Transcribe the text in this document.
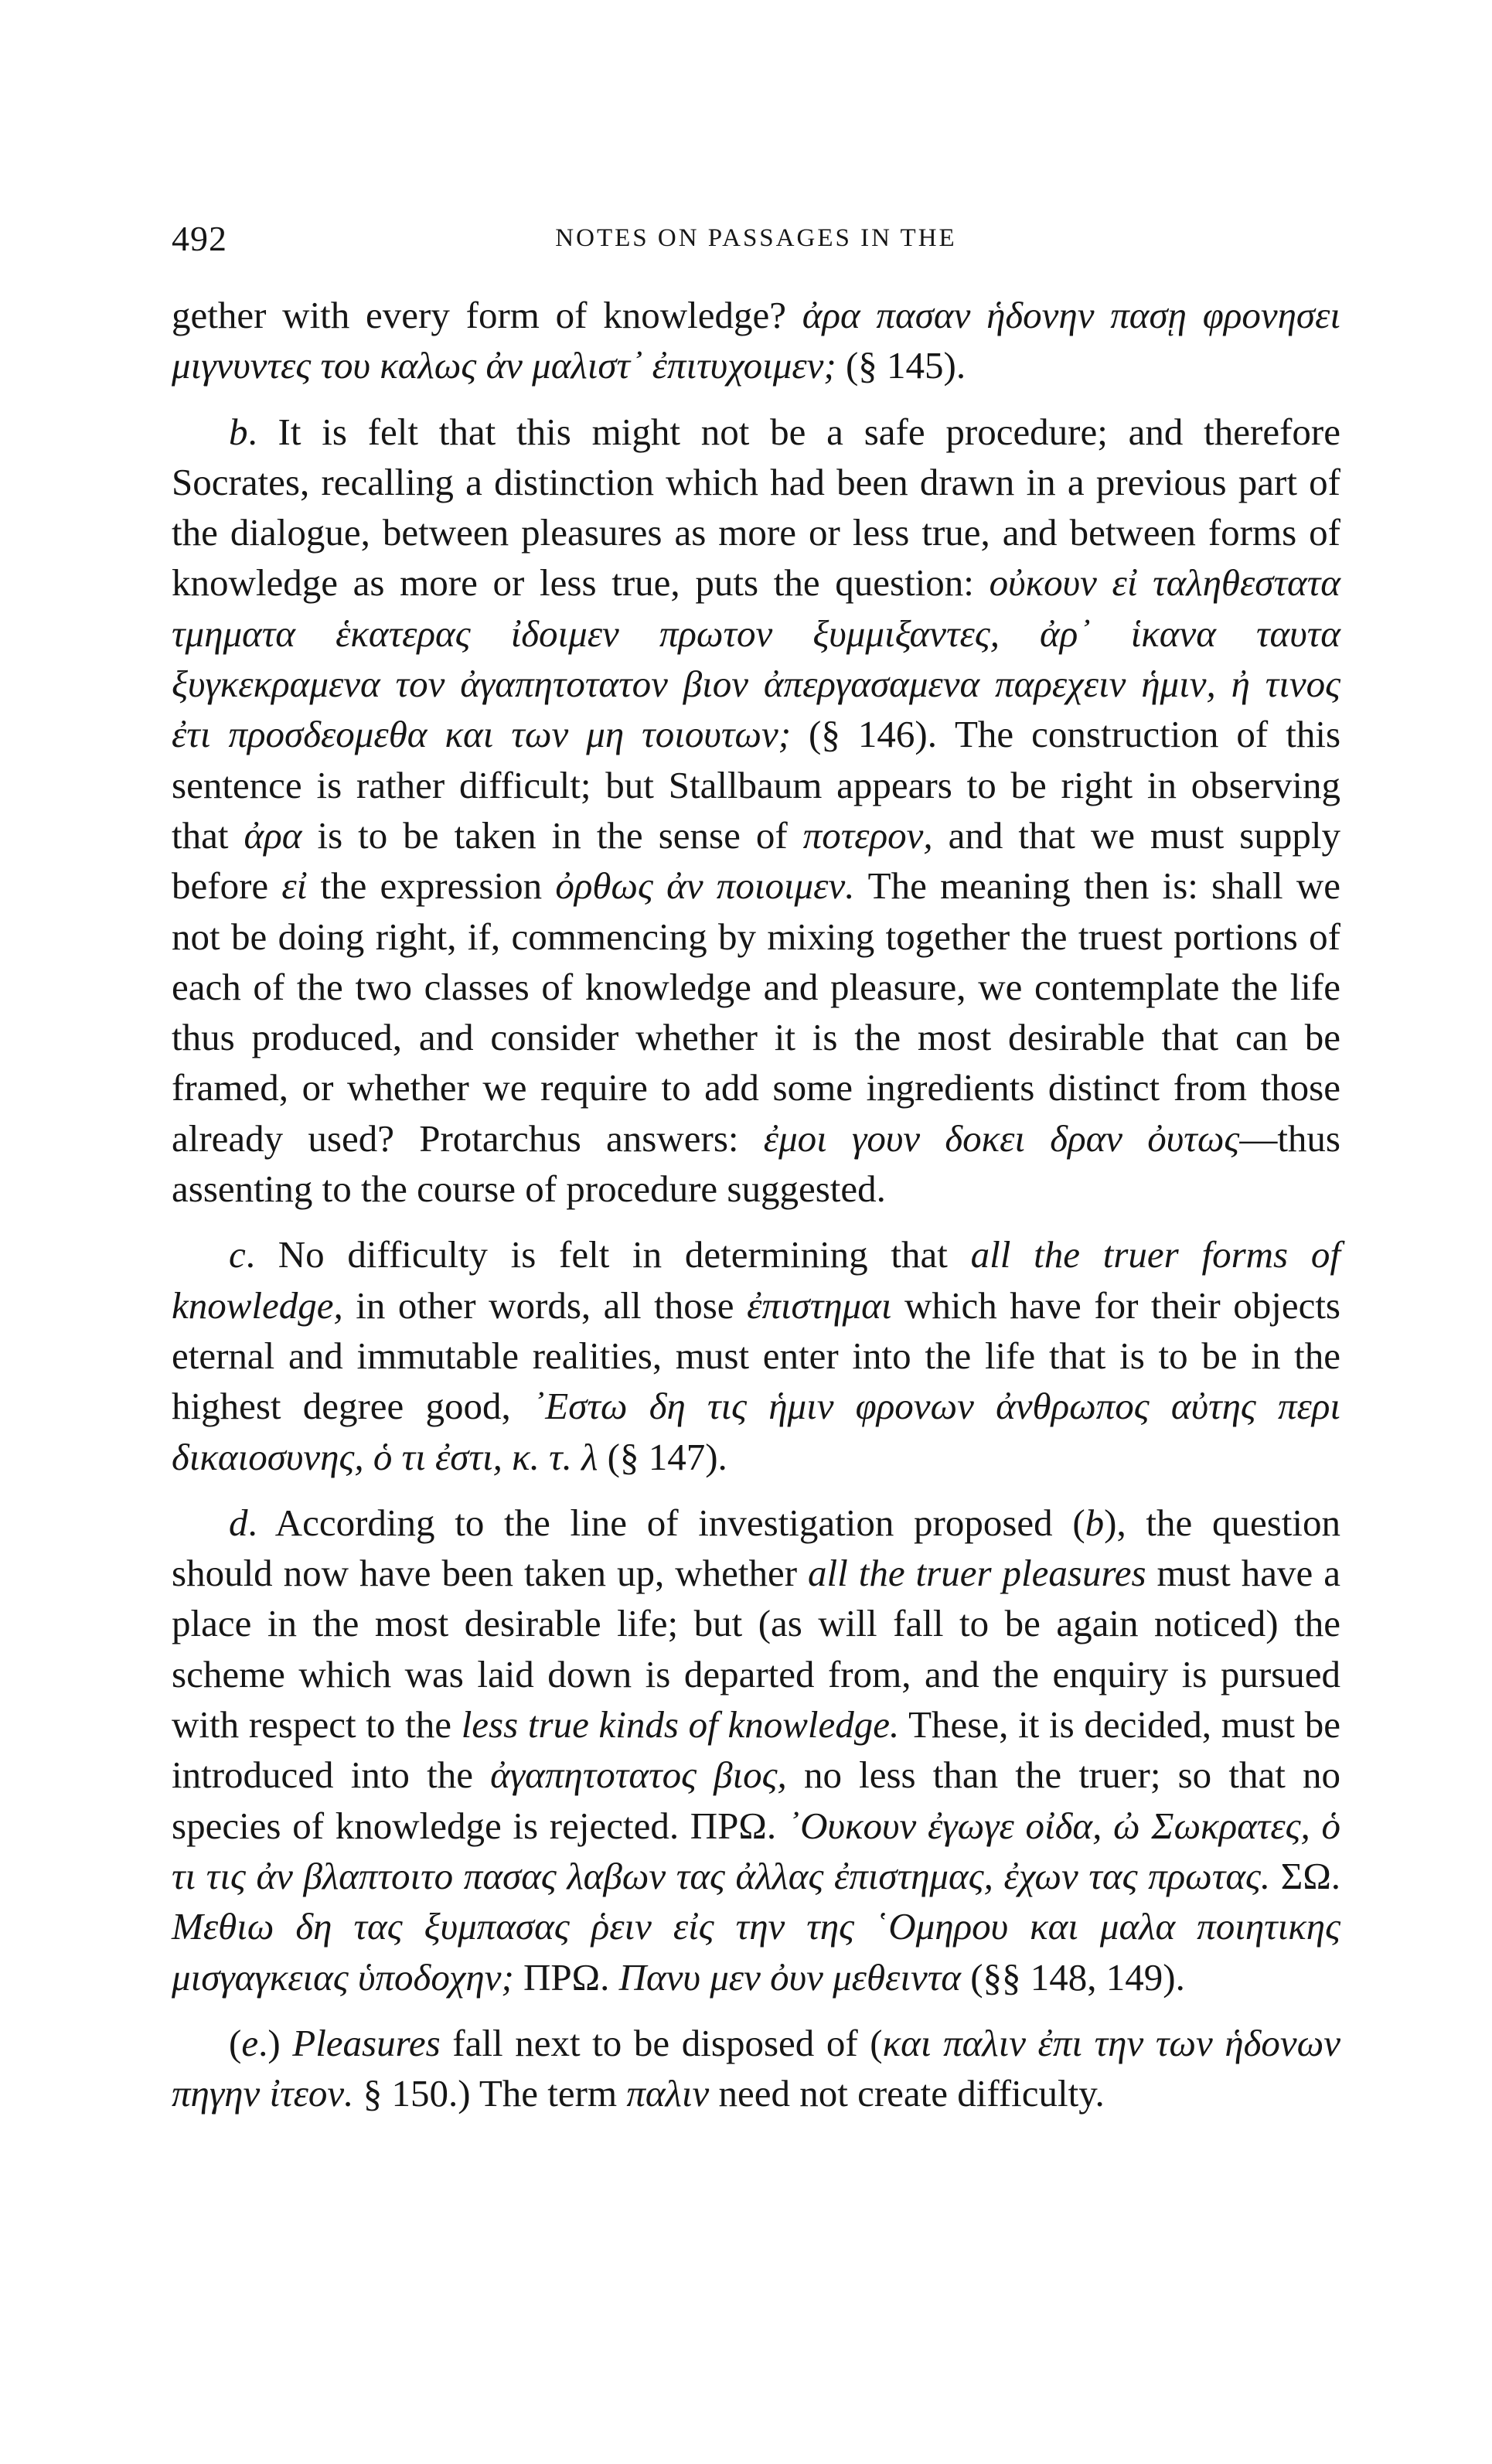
492	NOTES ON PASSAGES IN THE

gether with every form of knowledge? ἀρα πασαν ἡδονην πασῃ φρονησει μιγνυντες του καλως ἀν μαλιστ᾽ ἐπιτυχοιμεν; (§ 145).

b. It is felt that this might not be a safe procedure; and therefore Socrates, recalling a distinction which had been drawn in a previous part of the dialogue, between pleasures as more or less true, and between forms of knowledge as more or less true, puts the question: οὐκουν εἰ ταληθεστατα τμηματα ἑκατερας ἰδοιμεν πρωτον ξυμμιξαντες, ἀρ᾽ ἱκανα ταυτα ξυγκεκραμενα τον ἀγαπητοτατον βιον ἀπεργασαμενα παρεχειν ἡμιν, ἠ τινος ἐτι προσδεομεθα και των μη τοιουτων; (§ 146). The construction of this sentence is rather difficult; but Stallbaum appears to be right in observing that ἀρα is to be taken in the sense of ποτερον, and that we must supply before εἰ the expression ὀρθως ἀν ποιοιμεν. The meaning then is: shall we not be doing right, if, commencing by mixing together the truest portions of each of the two classes of knowledge and pleasure, we contemplate the life thus produced, and consider whether it is the most desirable that can be framed, or whether we require to add some ingredients distinct from those already used? Protarchus answers: ἐμοι γουν δοκει δραν ὀυτως—thus assenting to the course of procedure suggested.

c. No difficulty is felt in determining that all the truer forms of knowledge, in other words, all those ἐπιστημαι which have for their objects eternal and immutable realities, must enter into the life that is to be in the highest degree good, ᾿Εστω δη τις ἡμιν φρονων ἀνθρωπος αὐτης περι δικαιοσυνης, ὁ τι ἐστι, κ. τ. λ (§ 147).

d. According to the line of investigation proposed (b), the question should now have been taken up, whether all the truer pleasures must have a place in the most desirable life; but (as will fall to be again noticed) the scheme which was laid down is departed from, and the enquiry is pursued with respect to the less true kinds of knowledge. These, it is decided, must be introduced into the ἀγαπητοτατος βιος, no less than the truer; so that no species of knowledge is rejected. ΠΡΩ. ᾿Ουκουν ἐγωγε οἰδα, ὠ Σωκρατες, ὁ τι τις ἀν βλαπτοιτο πασας λαβων τας ἀλλας ἐπιστημας, ἐχων τας πρωτας. ΣΩ. Μεθιω δη τας ξυμπασας ῥειν εἰς την της ῾Ομηρου και μαλα ποιητικης μισγαγκειας ὑποδοχην; ΠΡΩ. Πανυ μεν ὀυν μεθειντα (§§ 148, 149).

(e.) Pleasures fall next to be disposed of (και παλιν ἐπι την των ἡδονων πηγην ἰτεον. § 150.) The term παλιν need not create difficulty.
